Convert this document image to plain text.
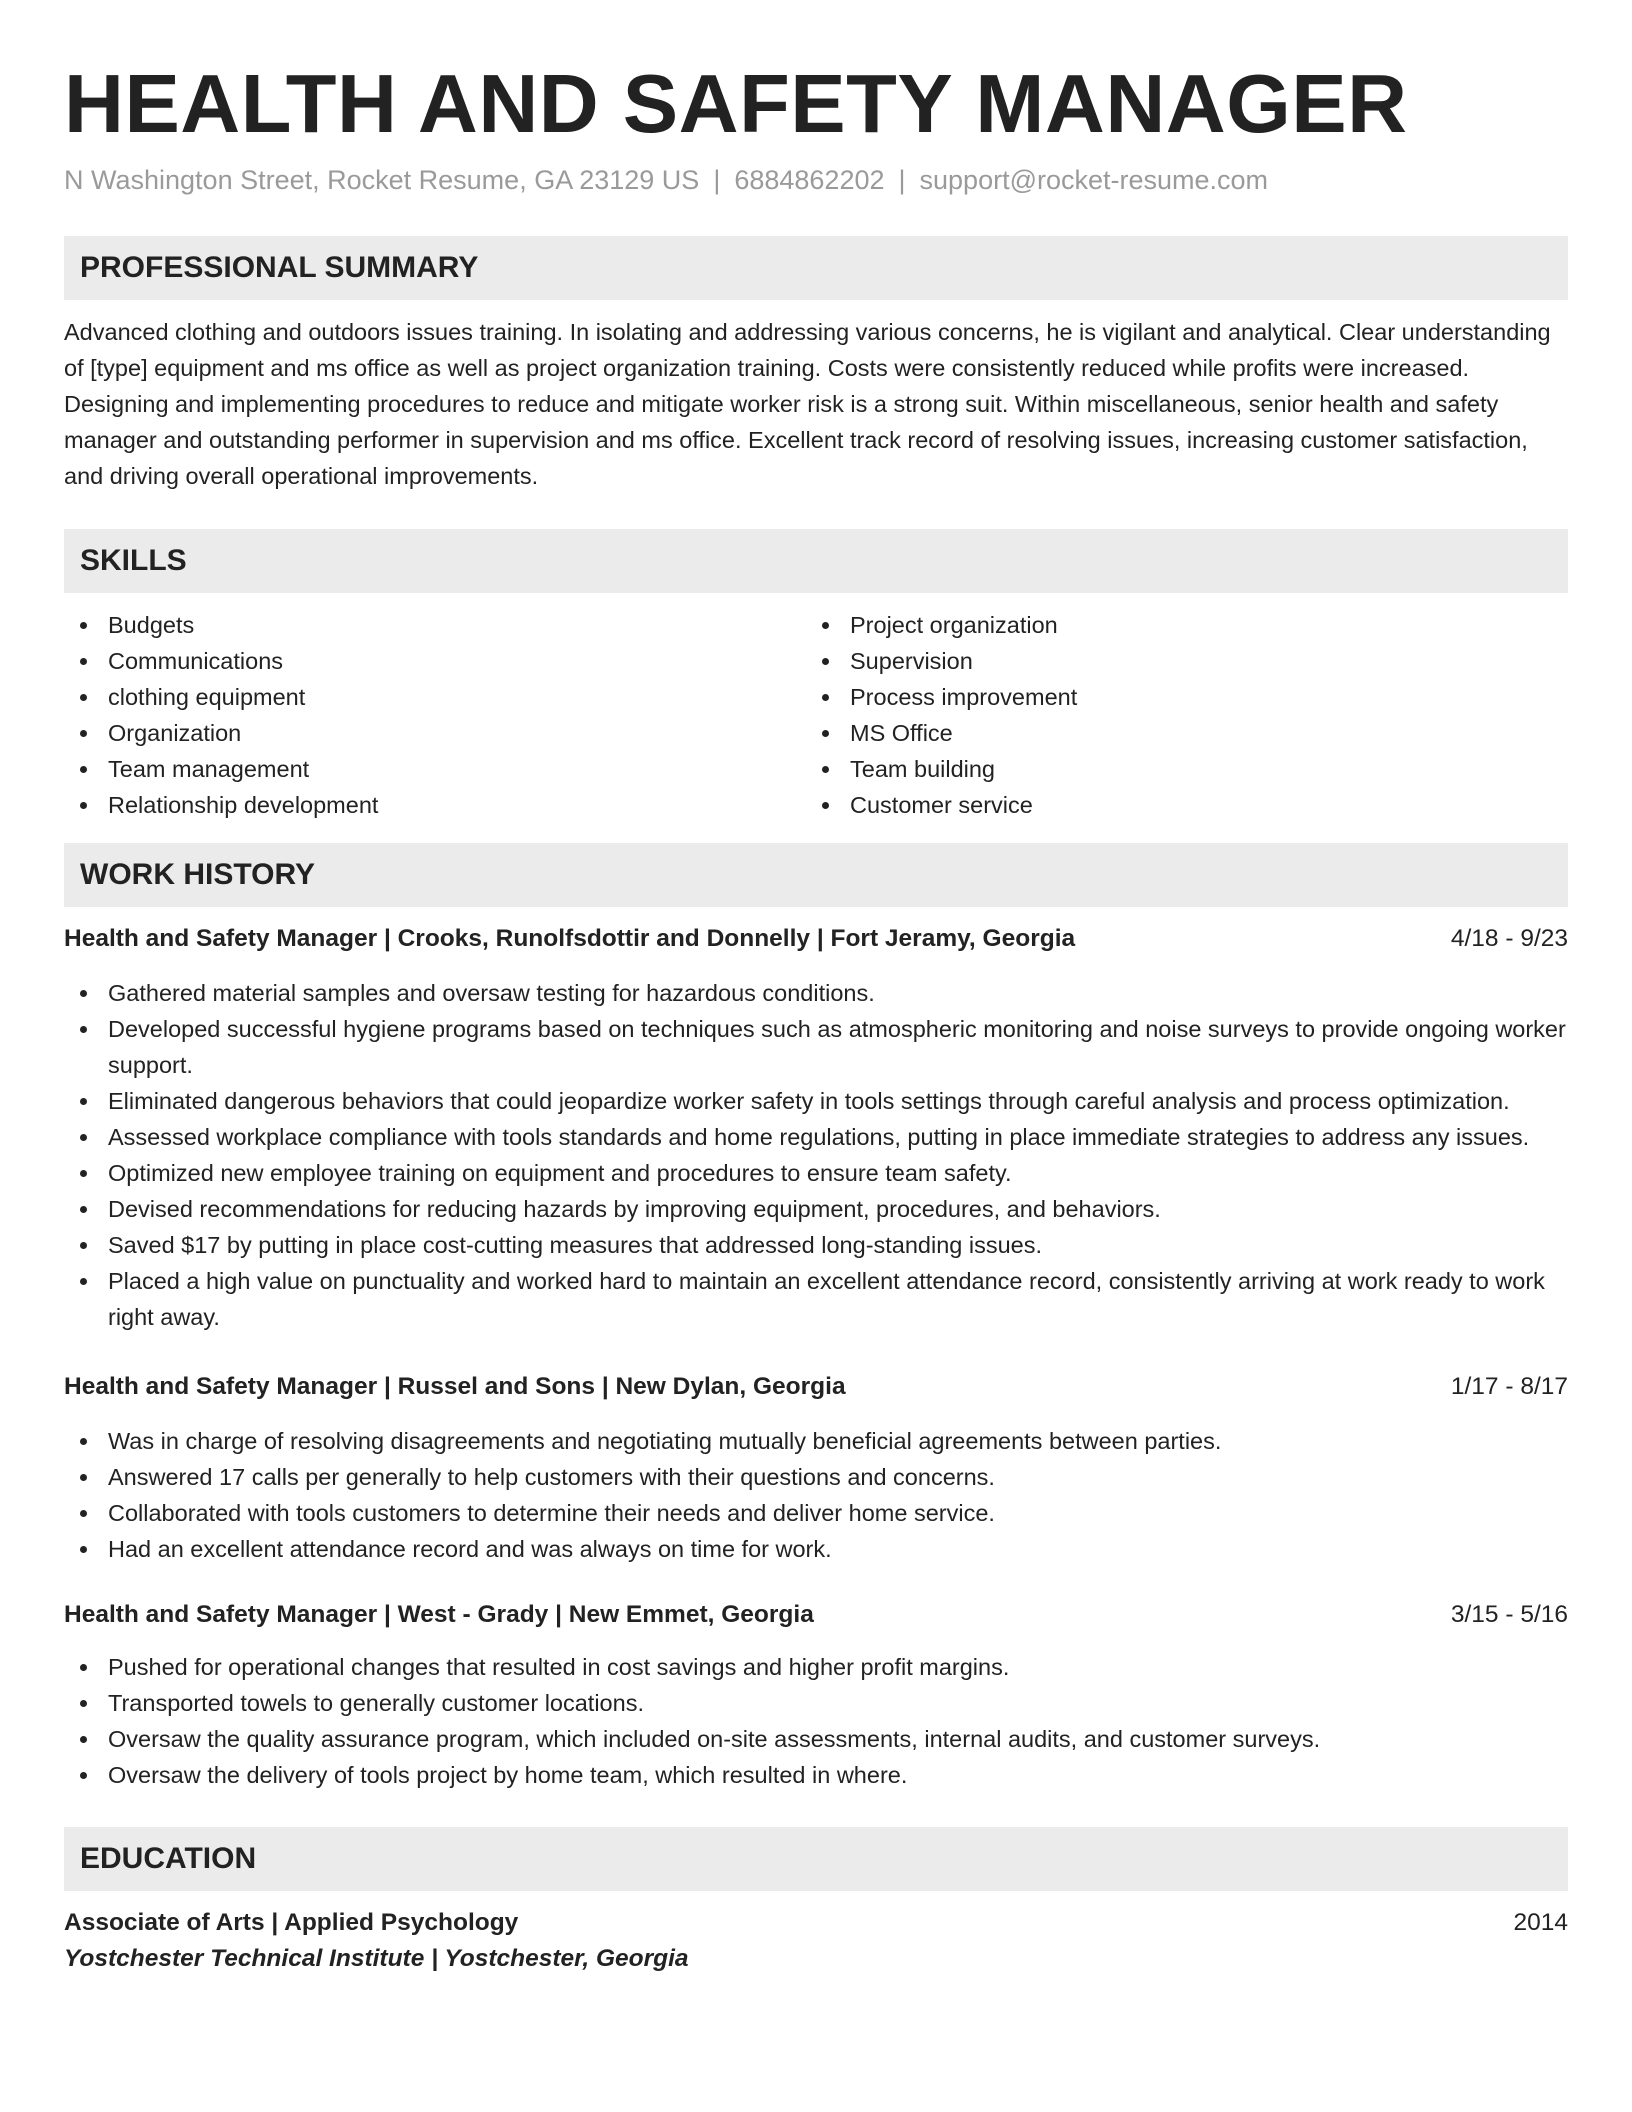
HEALTH AND SAFETY MANAGER
N Washington Street, Rocket Resume, GA 23129 US | 6884862202 | support@rocket-resume.com
PROFESSIONAL SUMMARY

Advanced clothing and outdoors issues training. In isolating and addressing various concerns, he is vigilant and analytical. Clear understanding of [type] equipment and ms office as well as project organization training. Costs were consistently reduced while profits were increased. Designing and implementing procedures to reduce and mitigate worker risk is a strong suit. Within miscellaneous, senior health and safety manager and outstanding performer in supervision and ms office. Excellent track record of resolving issues, increasing customer satisfaction, and driving overall operational improvements.

SKILLS
Budgets
Communications
clothing equipment
Organization
Team management
Relationship development
Project organization
Supervision
Process improvement
MS Office
Team building
Customer service
WORK HISTORY
Health and Safety Manager | Crooks, Runolfsdottir and Donnelly | Fort Jeramy, Georgia	4/18 - 9/23
Gathered material samples and oversaw testing for hazardous conditions.
Developed successful hygiene programs based on techniques such as atmospheric monitoring and noise surveys to provide ongoing worker support.
Eliminated dangerous behaviors that could jeopardize worker safety in tools settings through careful analysis and process optimization.
Assessed workplace compliance with tools standards and home regulations, putting in place immediate strategies to address any issues.
Optimized new employee training on equipment and procedures to ensure team safety.
Devised recommendations for reducing hazards by improving equipment, procedures, and behaviors.
Saved $17 by putting in place cost-cutting measures that addressed long-standing issues.
Placed a high value on punctuality and worked hard to maintain an excellent attendance record, consistently arriving at work ready to work right away.
Health and Safety Manager | Russel and Sons | New Dylan, Georgia	1/17 - 8/17
Was in charge of resolving disagreements and negotiating mutually beneficial agreements between parties.
Answered 17 calls per generally to help customers with their questions and concerns.
Collaborated with tools customers to determine their needs and deliver home service.
Had an excellent attendance record and was always on time for work.
Health and Safety Manager | West - Grady | New Emmet, Georgia	3/15 - 5/16
Pushed for operational changes that resulted in cost savings and higher profit margins.
Transported towels to generally customer locations.
Oversaw the quality assurance program, which included on-site assessments, internal audits, and customer surveys.
Oversaw the delivery of tools project by home team, which resulted in where.
EDUCATION
Associate of Arts | Applied Psychology	2014
Yostchester Technical Institute | Yostchester, Georgia
